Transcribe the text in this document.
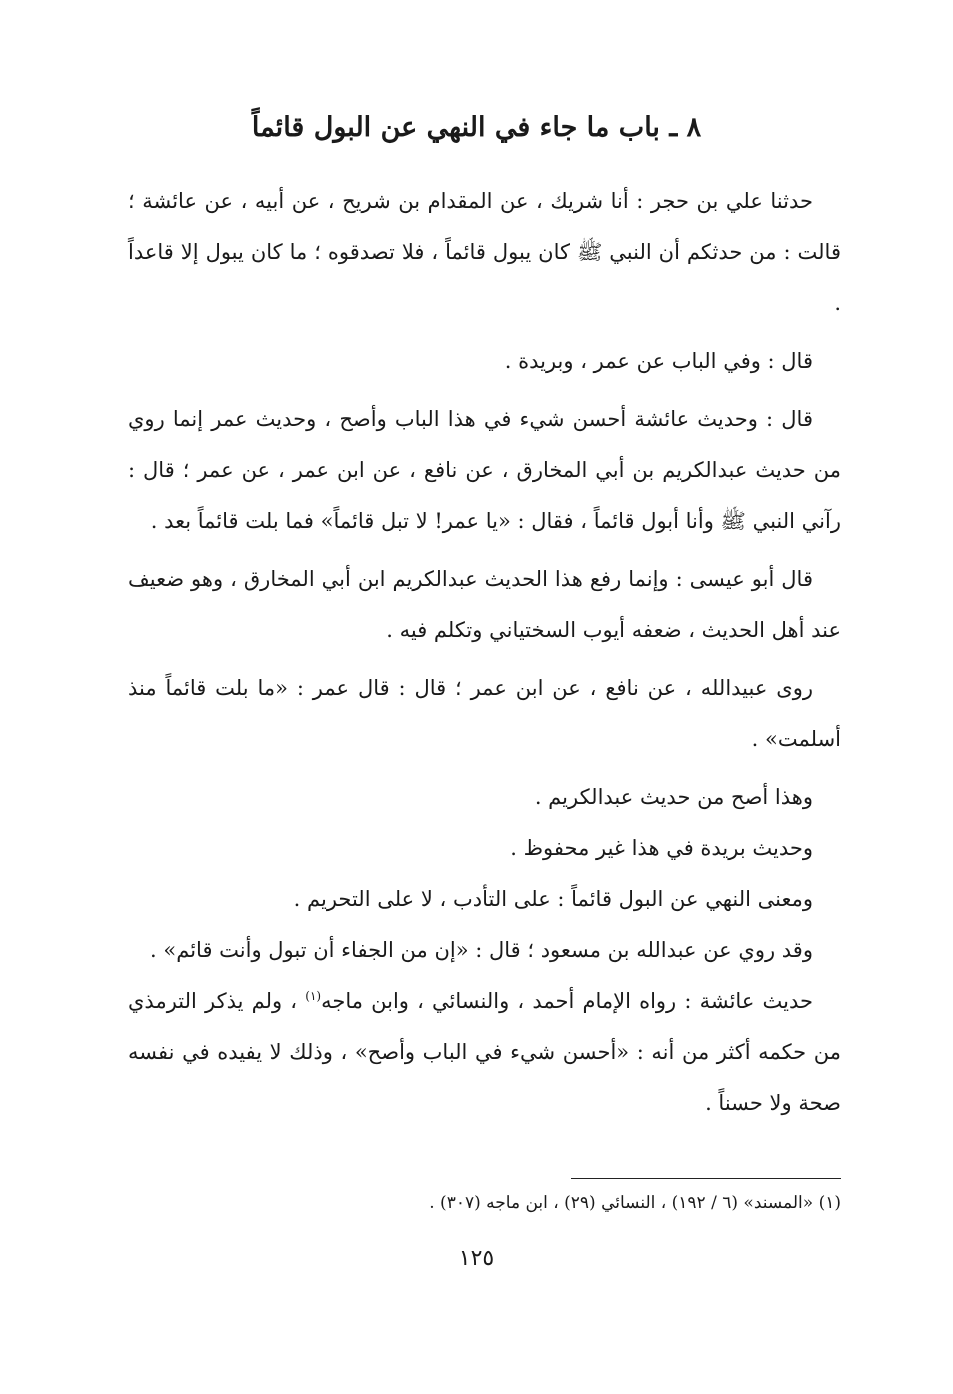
٨ ـ باب ما جاء في النهي عن البول قائماً

حدثنا علي بن حجر : أنا شريك ، عن المقدام بن شريح ، عن أبيه ، عن عائشة ؛ قالت : من حدثكم أن النبي ﷺ كان يبول قائماً ، فلا تصدقوه ؛ ما كان يبول إلا قاعداً .

قال : وفي الباب عن عمر ، وبريدة .

قال : وحديث عائشة أحسن شيء في هذا الباب وأصح ، وحديث عمر إنما روي من حديث عبدالكريم بن أبي المخارق ، عن نافع ، عن ابن عمر ، عن عمر ؛ قال : رآني النبي ﷺ وأنا أبول قائماً ، فقال : «يا عمر! لا تبل قائماً» فما بلت قائماً بعد .

قال أبو عيسى : وإنما رفع هذا الحديث عبدالكريم ابن أبي المخارق ، وهو ضعيف عند أهل الحديث ، ضعفه أيوب السختياني وتكلم فيه .

روى عبيدالله ، عن نافع ، عن ابن عمر ؛ قال : قال عمر : «ما بلت قائماً منذ أسلمت» .

وهذا أصح من حديث عبدالكريم .

وحديث بريدة في هذا غير محفوظ .

ومعنى النهي عن البول قائماً : على التأدب ، لا على التحريم .

وقد روي عن عبدالله بن مسعود ؛ قال : «إن من الجفاء أن تبول وأنت قائم» .

حديث عائشة : رواه الإمام أحمد ، والنسائي ، وابن ماجه$^{(١)}$ ، ولم يذكر الترمذي من حكمه أكثر من أنه : «أحسن شيء في الباب وأصح» ، وذلك لا يفيده في نفسه صحة ولا حسناً .

(١) «المسند» (٦ / ١٩٢) ، النسائي (٢٩) ، ابن ماجه (٣٠٧) .

١٢٥
